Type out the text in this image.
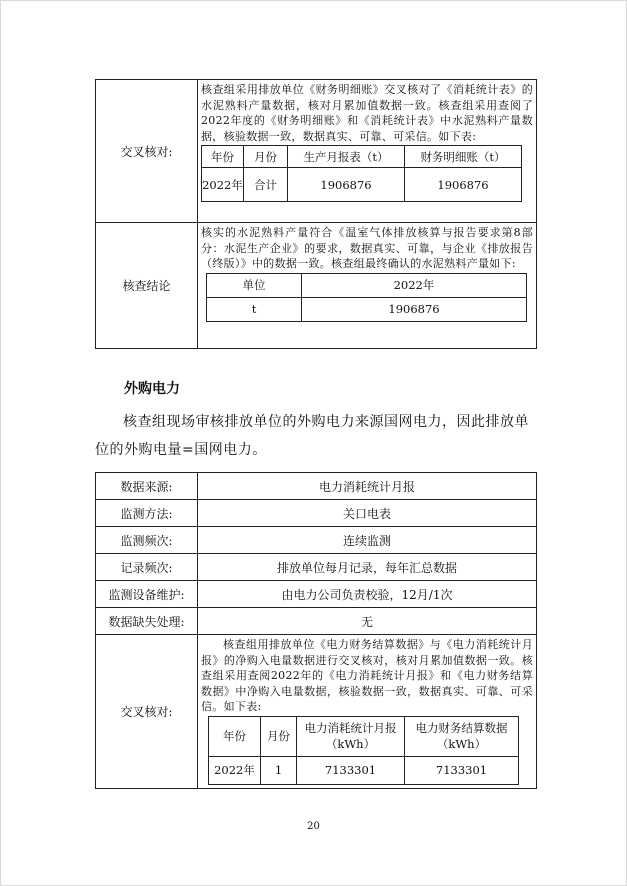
交叉核对:	
核查组采用排放单位《财务明细账》交叉核对了《消耗统计表》的水泥熟料产量数据，核对月累加值数据一致。核查组采用查阅了2022年度的《财务明细账》和《消耗统计表》中水泥熟料产量数据，核验数据一致，数据真实、可靠、可采信。如下表:
年份	月份	生产月报表（t）	财务明细账（t）
2022年	合计	1906876	1906876

核查结论	
核实的水泥熟料产量符合《温室气体排放核算与报告要求第8部分：水泥生产企业》的要求，数据真实、可靠，与企业《排放报告（终版）》中的数据一致。核查组最终确认的水泥熟料产量如下:
单位	2022年
t	1906876
外购电力
核查组现场审核排放单位的外购电力来源国网电力，因此排放单位的外购电量=国网电力。
数据来源:	电力消耗统计月报
监测方法:	关口电表
监测频次:	连续监测
记录频次:	排放单位每月记录，每年汇总数据
监测设备维护:	由电力公司负责校验，12月/1次
数据缺失处理:	无
交叉核对:	
核查组用排放单位《电力财务结算数据》与《电力消耗统计月报》的净购入电量数据进行交叉核对，核对月累加值数据一致。核查组采用查阅2022年的《电力消耗统计月报》和《电力财务结算数据》中净购入电量数据，核验数据一致，数据真实、可靠、可采信。如下表:
年份	月份	电力消耗统计月报（kWh）	电力财务结算数据（kWh）
2022年	1	7133301	7133301
20
